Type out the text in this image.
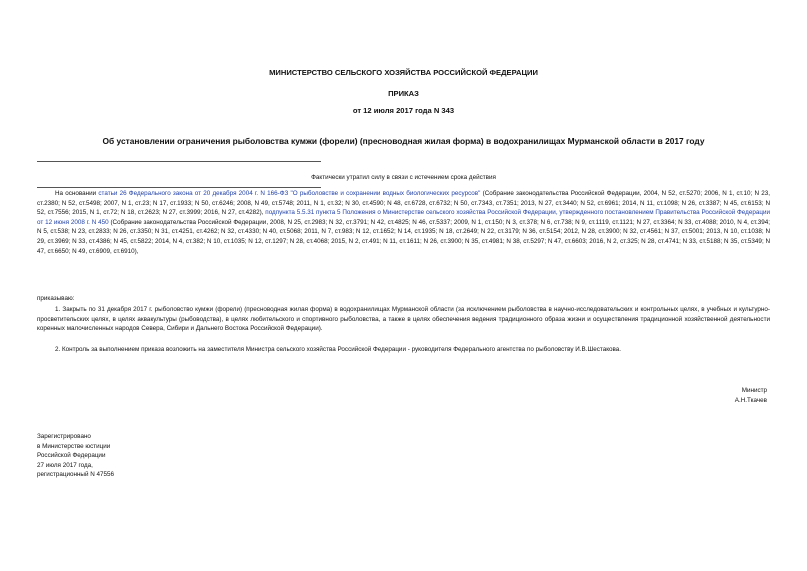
МИНИСТЕРСТВО СЕЛЬСКОГО ХОЗЯЙСТВА РОССИЙСКОЙ ФЕДЕРАЦИИ
ПРИКАЗ
от 12 июля 2017 года N 343
Об установлении ограничения рыболовства кумжи (форели) (пресноводная жилая форма) в водохранилищах Мурманской области в 2017 году
Фактически утратил силу в связи с истечением срока действия
На основании статьи 26 Федерального закона от 20 декабря 2004 г. N 166-ФЗ "О рыболовстве и сохранении водных биологических ресурсов" (Собрание законодательства Российской Федерации, 2004, N 52, ст.5270; 2006, N 1, ст.10; N 23, ст.2380; N 52, ст.5498; 2007, N 1, ст.23; N 17, ст.1933; N 50, ст.6246; 2008, N 49, ст.5748; 2011, N 1, ст.32; N 30, ст.4590; N 48, ст.6728, ст.6732; N 50, ст.7343, ст.7351; 2013, N 27, ст.3440; N 52, ст.6961; 2014, N 11, ст.1098; N 26, ст.3387; N 45, ст.6153; N 52, ст.7556; 2015, N 1, ст.72; N 18, ст.2623; N 27, ст.3999; 2016, N 27, ст.4282), подпункта 5.5.31 пункта 5 Положения о Министерстве сельского хозяйства Российской Федерации, утвержденного постановлением Правительства Российской Федерации от 12 июня 2008 г. N 450 (Собрание законодательства Российской Федерации, 2008, N 25, ст.2983; N 32, ст.3791; N 42, ст.4825; N 46, ст.5337; 2009, N 1, ст.150; N 3, ст.378; N 6, ст.738; N 9, ст.1119, ст.1121; N 27, ст.3364; N 33, ст.4088; 2010, N 4, ст.394; N 5, ст.538; N 23, ст.2833; N 26, ст.3350; N 31, ст.4251, ст.4262; N 32, ст.4330; N 40, ст.5068; 2011, N 7, ст.983; N 12, ст.1652; N 14, ст.1935; N 18, ст.2649; N 22, ст.3179; N 36, ст.5154; 2012, N 28, ст.3900; N 32, ст.4561; N 37, ст.5001; 2013, N 10, ст.1038; N 29, ст.3969; N 33, ст.4386; N 45, ст.5822; 2014, N 4, ст.382; N 10, ст.1035; N 12, ст.1297; N 28, ст.4068; 2015, N 2, ст.491; N 11, ст.1611; N 26, ст.3900; N 35, ст.4981; N 38, ст.5297; N 47, ст.6603; 2016, N 2, ст.325; N 28, ст.4741; N 33, ст.5188; N 35, ст.5349; N 47, ст.6650; N 49, ст.6909, ст.6910),
приказываю:
1. Закрыть по 31 декабря 2017 г. рыболовство кумжи (форели) (пресноводная жилая форма) в водохранилищах Мурманской области (за исключением рыболовства в научно-исследовательских и контрольных целях, в учебных и культурно-просветительских целях, в целях аквакультуры (рыбоводства), в целях любительского и спортивного рыболовства, а также в целях обеспечения ведения традиционного образа жизни и осуществления традиционной хозяйственной деятельности коренных малочисленных народов Севера, Сибири и Дальнего Востока Российской Федерации).
2. Контроль за выполнением приказа возложить на заместителя Министра сельского хозяйства Российской Федерации - руководителя Федерального агентства по рыболовству И.В.Шестакова.
Министр
А.Н.Ткачев
Зарегистрировано
в Министерстве юстиции
Российской Федерации
27 июля 2017 года,
регистрационный N 47556
